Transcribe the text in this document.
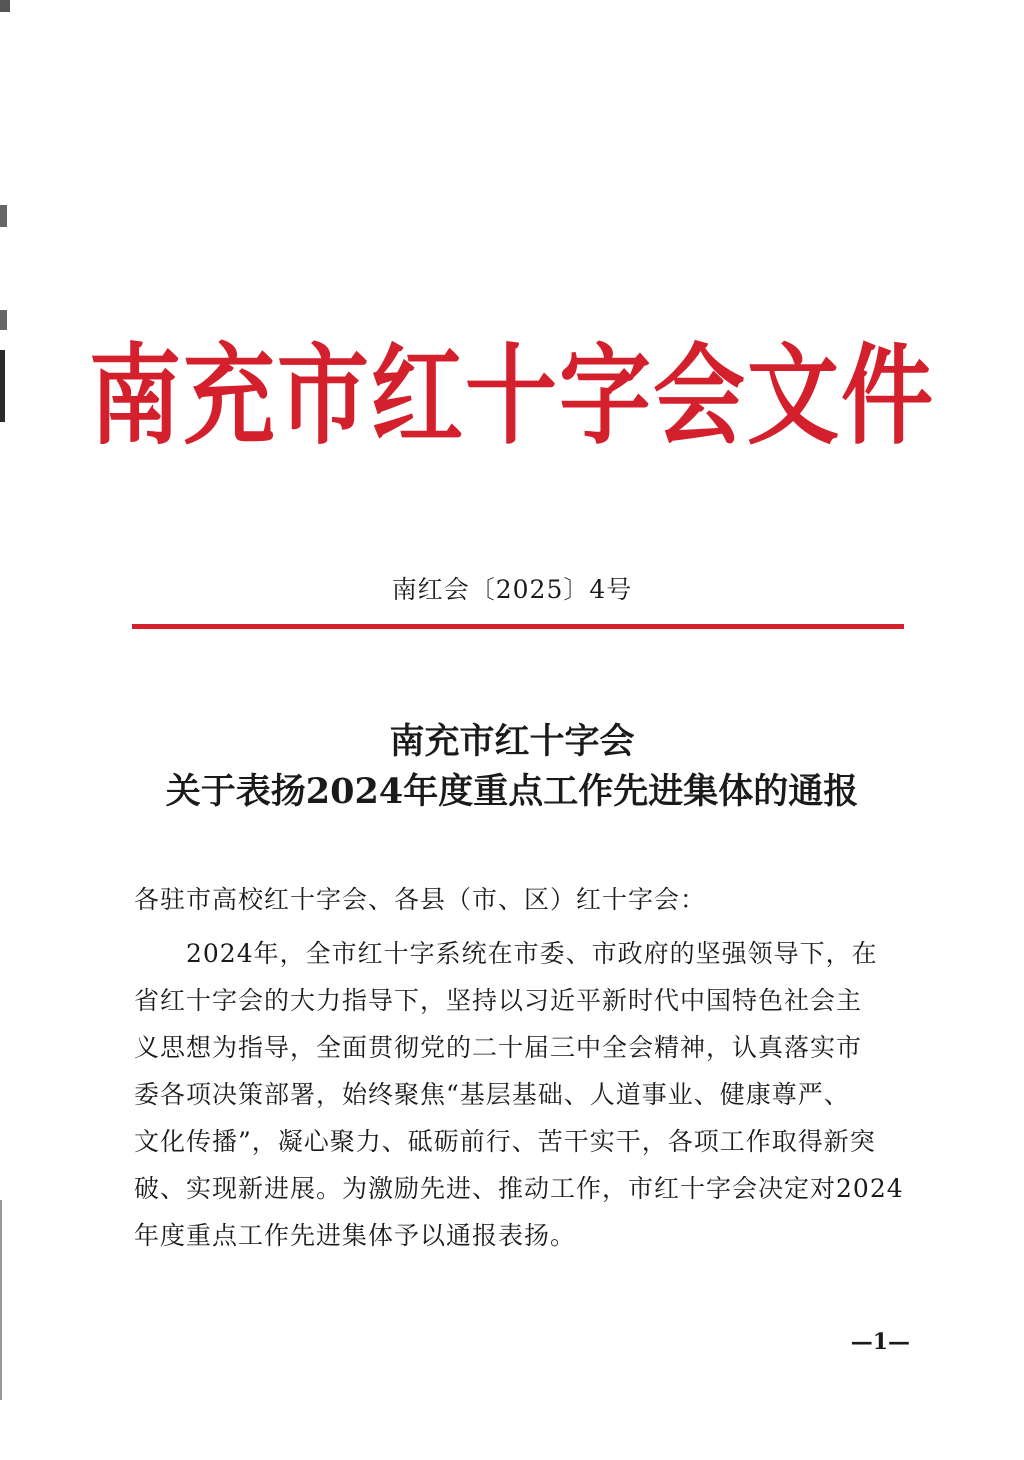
南充市红十字会文件
南红会〔2025〕4号
南充市红十字会
关于表扬2024年度重点工作先进集体的通报
各驻市高校红十字会、各县（市、区）红十字会：
2024年，全市红十字系统在市委、市政府的坚强领导下，在
省红十字会的大力指导下，坚持以习近平新时代中国特色社会主
义思想为指导，全面贯彻党的二十届三中全会精神，认真落实市
委各项决策部署，始终聚焦“基层基础、人道事业、健康尊严、
文化传播”，凝心聚力、砥砺前行、苦干实干，各项工作取得新突
破、实现新进展。为激励先进、推动工作，市红十字会决定对2024
年度重点工作先进集体予以通报表扬。
—1—
